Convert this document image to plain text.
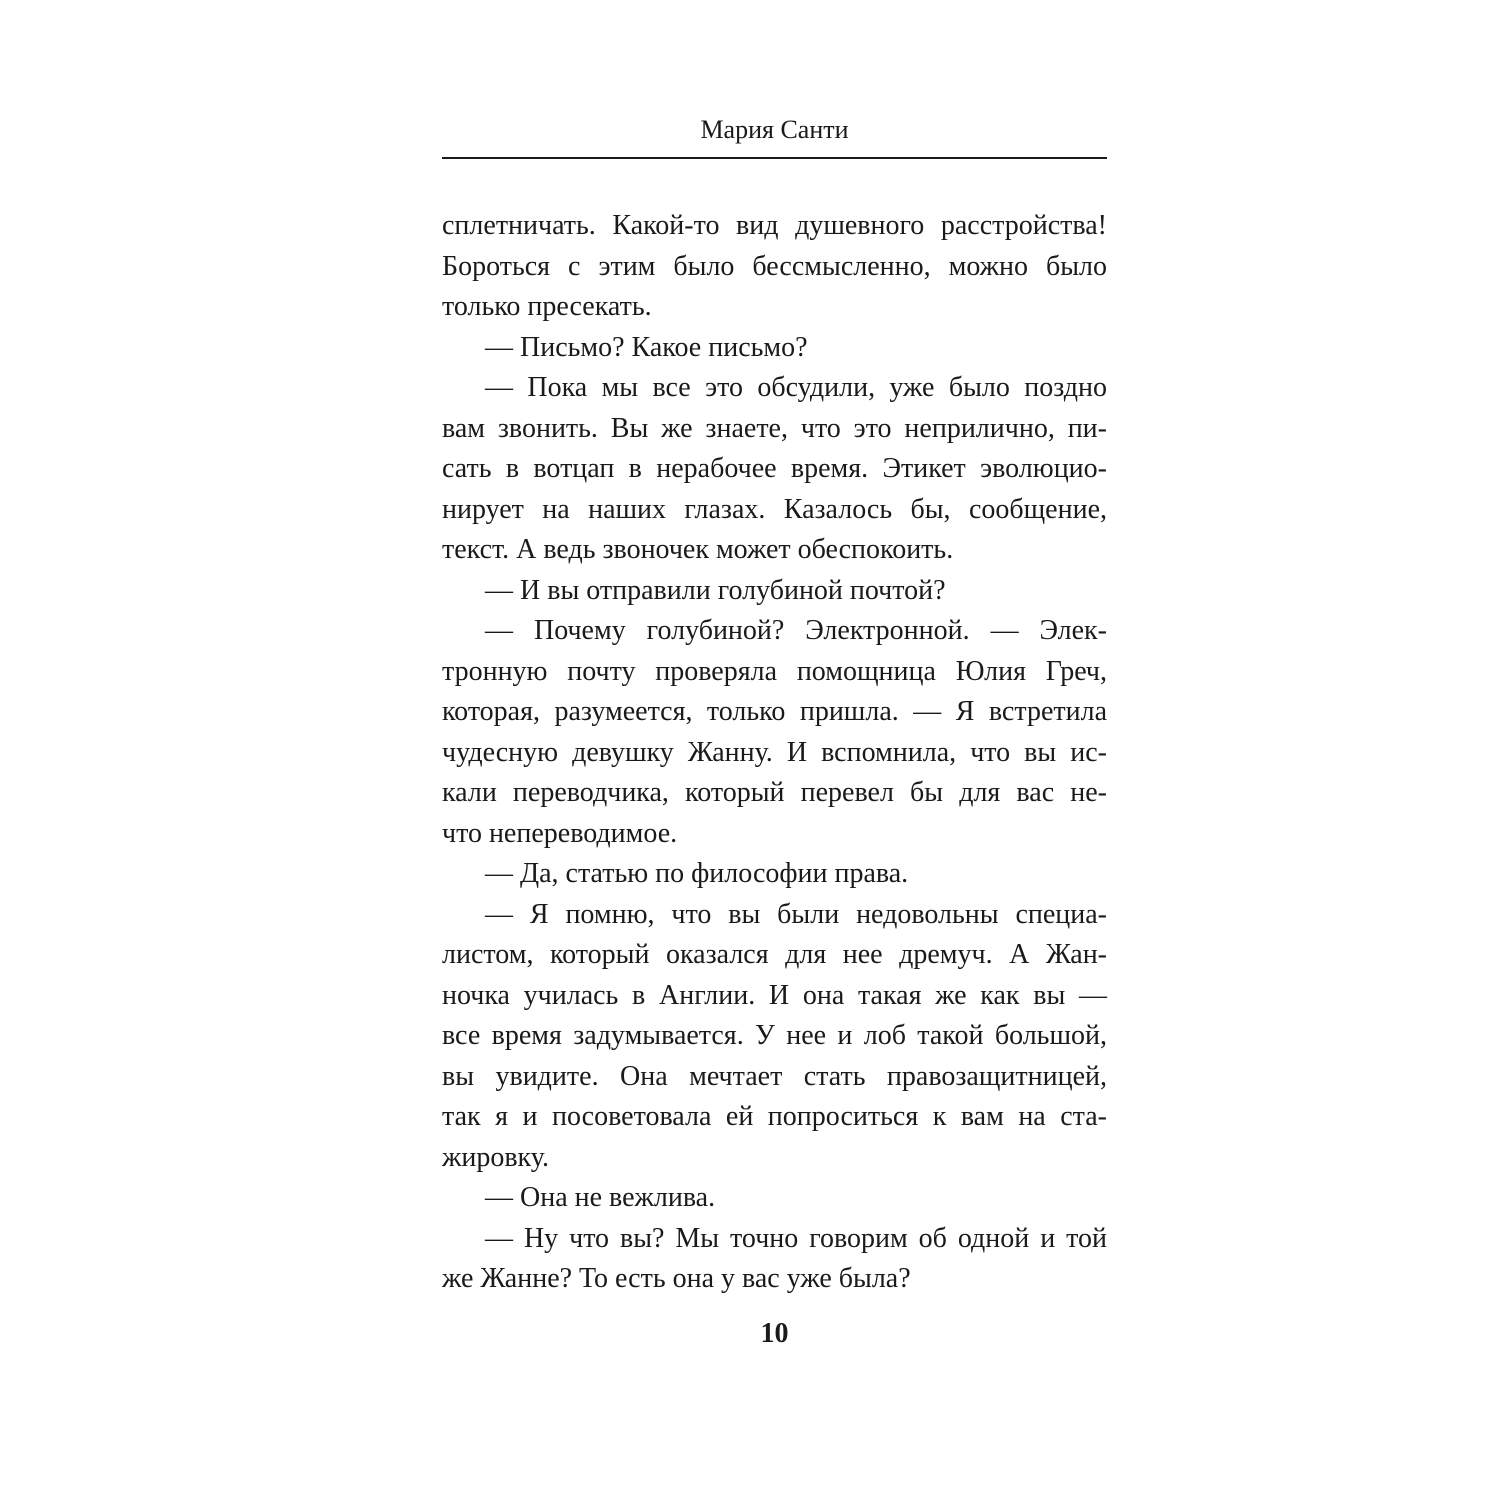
Мария Санти
сплетничать. Какой-то вид душевного расстройства!
Бороться с этим было бессмысленно, можно было
только пресекать.
— Письмо? Какое письмо?
— Пока мы все это обсудили, уже было поздно
вам звонить. Вы же знаете, что это неприлично, пи-
сать в вотцап в нерабочее время. Этикет эволюцио-
нирует на наших глазах. Казалось бы, сообщение,
текст. А ведь звоночек может обеспокоить.
— И вы отправили голубиной почтой?
— Почему голубиной? Электронной. — Элек-
тронную почту проверяла помощница Юлия Греч,
которая, разумеется, только пришла. — Я встретила
чудесную девушку Жанну. И вспомнила, что вы ис-
кали переводчика, который перевел бы для вас не-
что непереводимое.
— Да, статью по философии права.
— Я помню, что вы были недовольны специа-
листом, который оказался для нее дремуч. А Жан-
ночка училась в Англии. И она такая же как вы —
все время задумывается. У нее и лоб такой большой,
вы увидите. Она мечтает стать правозащитницей,
так я и посоветовала ей попроситься к вам на ста-
жировку.
— Она не вежлива.
— Ну что вы? Мы точно говорим об одной и той
же Жанне? То есть она у вас уже была?
10
